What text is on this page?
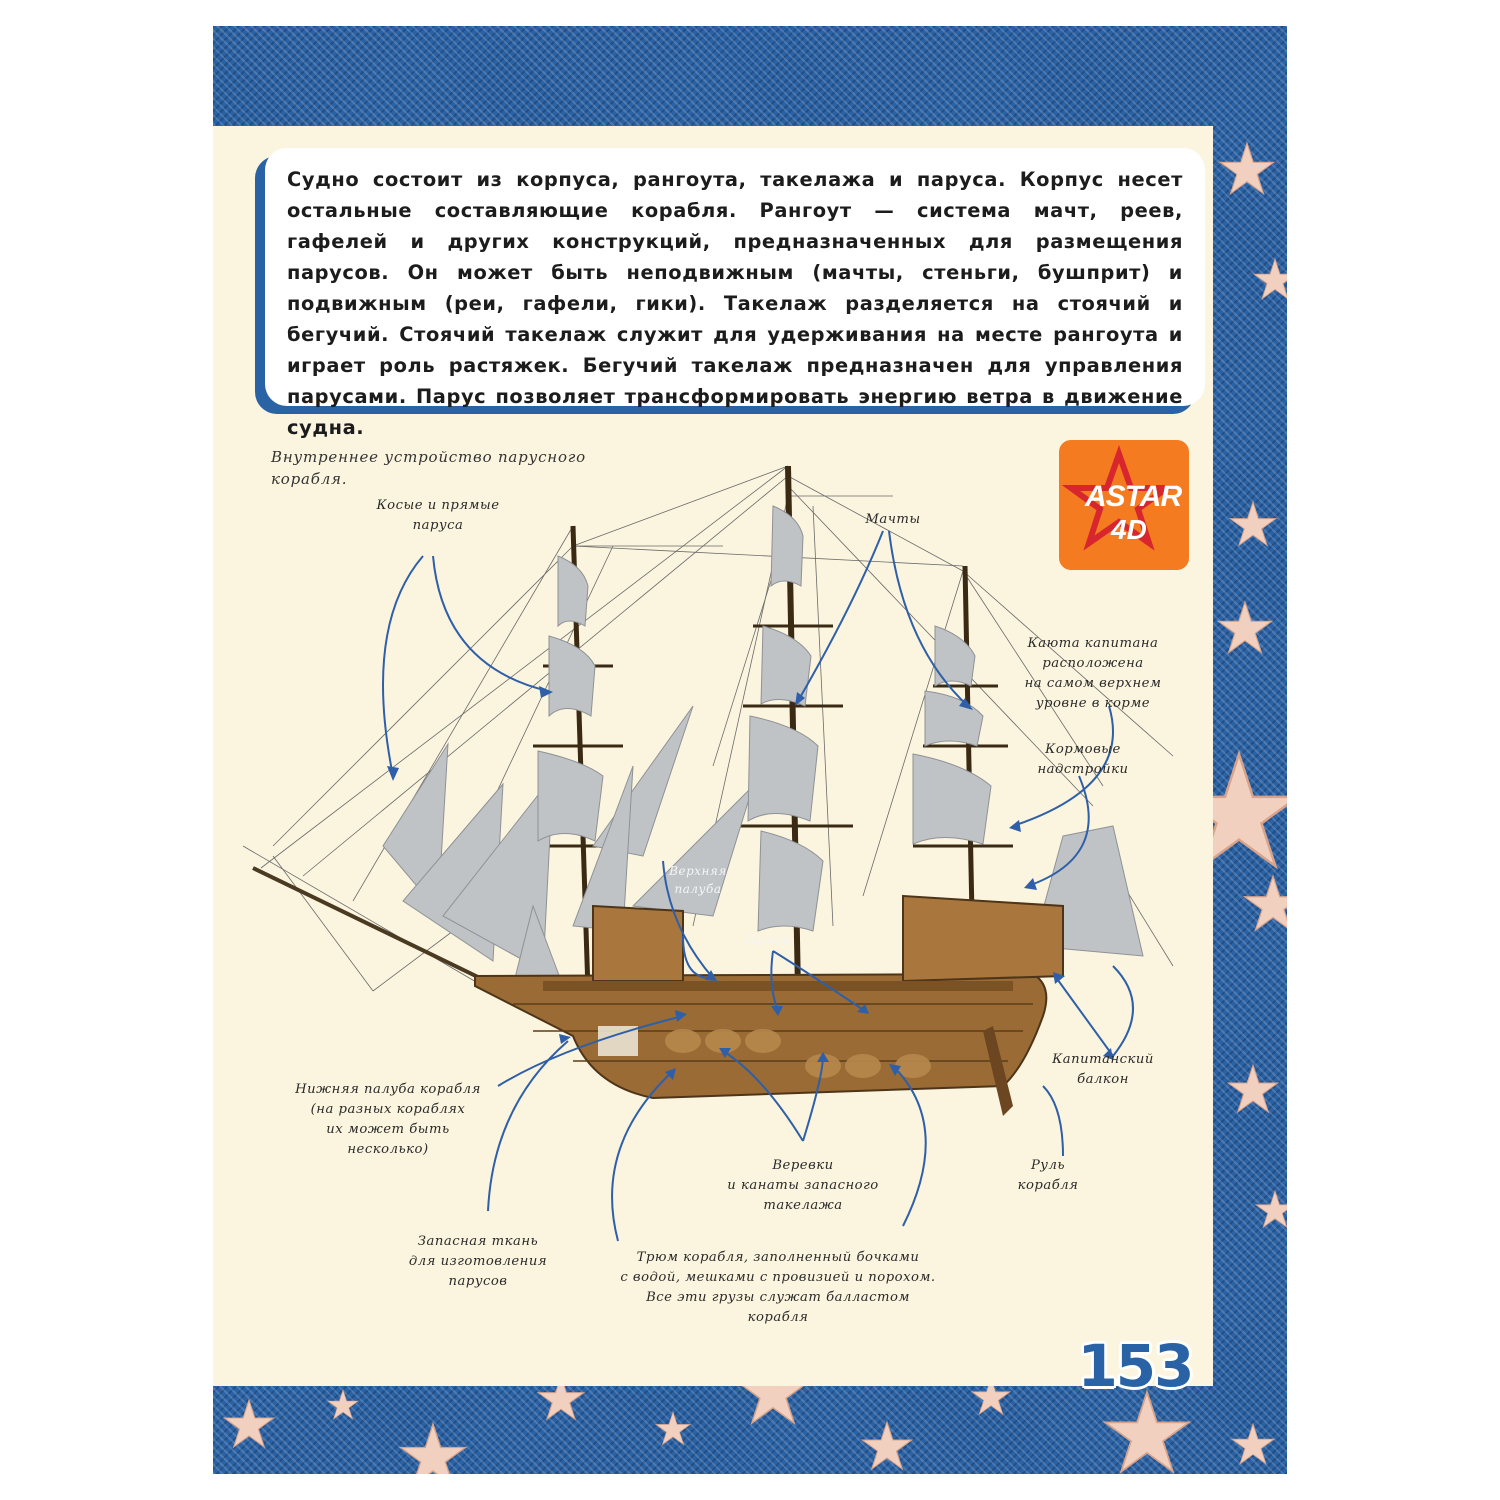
Судно состоит из корпуса, рангоута, такелажа и паруса. Корпус несет остальные составляющие корабля. Рангоут — система мачт, реев, гафелей и других конструкций, предназначенных для размещения парусов. Он может быть неподвижным (мачты, стеньги, бушприт) и подвижным (реи, гафели, гики). Такелаж разделяется на стоячий и бегучий. Стоячий такелаж служит для удерживания на месте рангоута и играет роль растяжек. Бегучий такелаж предназначен для управления парусами. Парус позволяет трансформировать энергию ветра в движение судна.

Внутреннее устройство парусного корабля.
Косые и прямые
паруса	Мачты
Каюта капитана
расположена
на самом верхнем
уровне в корме
Кормовые
надстройки
Верхняя
палуба
Пушки
Капитанский
балкон
Нижняя палуба корабля
(на разных кораблях
их может быть
несколько)
Веревки
и канаты запасного
такелажа
Руль
корабля
Запасная ткань
для изготовления
парусов
Трюм корабля, заполненный бочками
с водой, мешками с провизией и порохом.
Все эти грузы служат балластом
корабля
ASTAR
4D
153
